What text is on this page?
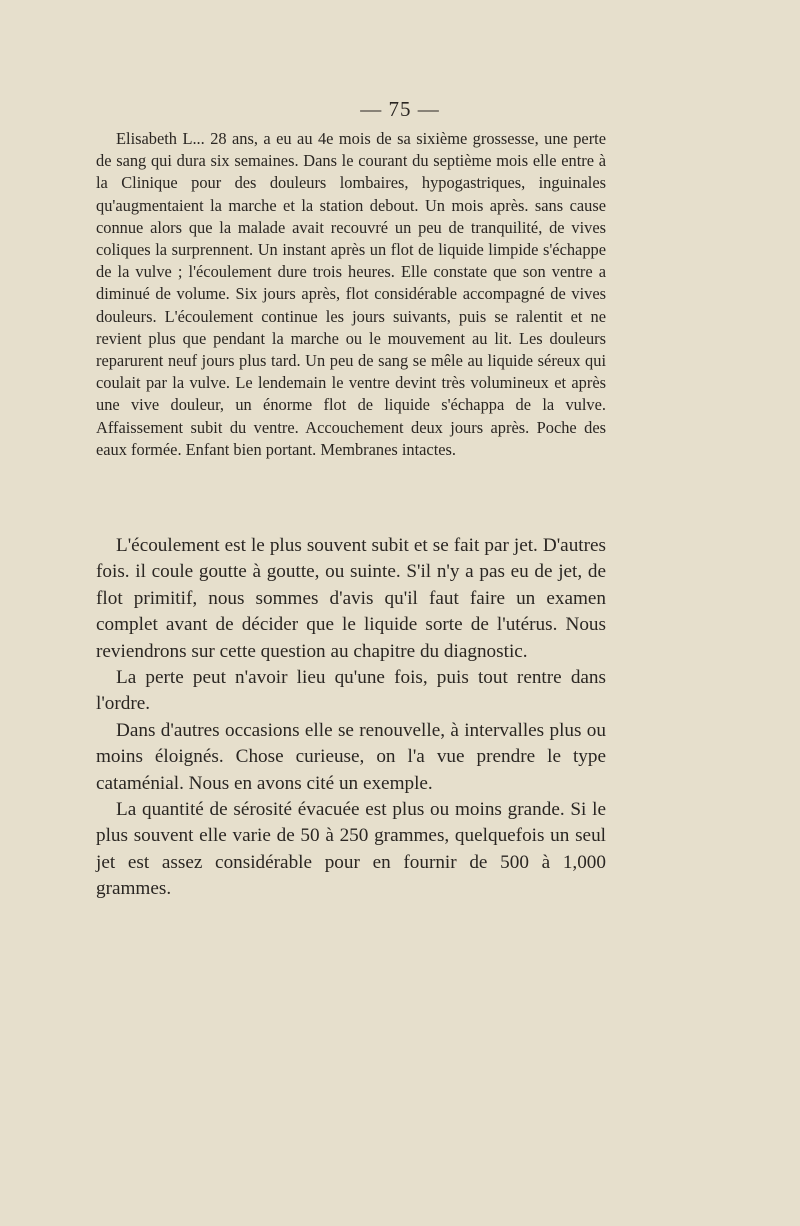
— 75 —

Elisabeth L... 28 ans, a eu au 4e mois de sa sixième grossesse, une perte de sang qui dura six semaines. Dans le courant du septième mois elle entre à la Clinique pour des douleurs lombaires, hypogastriques, inguinales qu'augmentaient la marche et la station debout. Un mois après. sans cause connue alors que la malade avait recouvré un peu de tranquilité, de vives coliques la surprennent. Un instant après un flot de liquide limpide s'échappe de la vulve ; l'écoulement dure trois heures. Elle constate que son ventre a diminué de volume. Six jours après, flot considérable accompagné de vives douleurs. L'écoulement continue les jours suivants, puis se ralentit et ne revient plus que pendant la marche ou le mouvement au lit. Les douleurs reparurent neuf jours plus tard. Un peu de sang se mêle au liquide séreux qui coulait par la vulve. Le lendemain le ventre devint très volumineux et après une vive douleur, un énorme flot de liquide s'échappa de la vulve. Affaissement subit du ventre. Accouchement deux jours après. Poche des eaux formée. Enfant bien portant. Membranes intactes.

L'écoulement est le plus souvent subit et se fait par jet. D'autres fois. il coule goutte à goutte, ou suinte. S'il n'y a pas eu de jet, de flot primitif, nous sommes d'avis qu'il faut faire un examen complet avant de décider que le liquide sorte de l'utérus. Nous reviendrons sur cette question au chapitre du diagnostic.

La perte peut n'avoir lieu qu'une fois, puis tout rentre dans l'ordre.

Dans d'autres occasions elle se renouvelle, à intervalles plus ou moins éloignés. Chose curieuse, on l'a vue prendre le type cataménial. Nous en avons cité un exemple.

La quantité de sérosité évacuée est plus ou moins grande. Si le plus souvent elle varie de 50 à 250 grammes, quelquefois un seul jet est assez considérable pour en fournir de 500 à 1,000 grammes.
